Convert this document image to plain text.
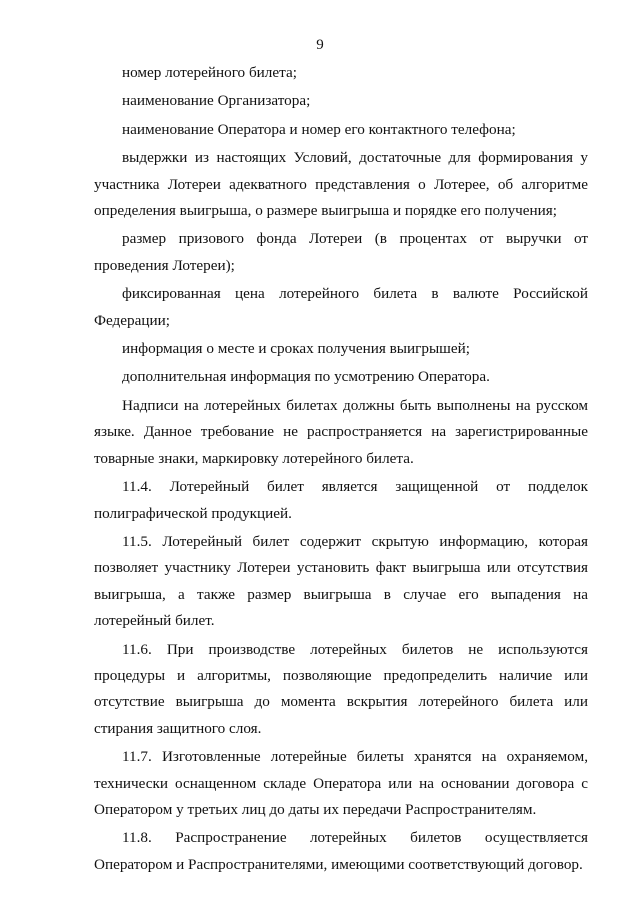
9

номер лотерейного билета;

наименование Организатора;

наименование Оператора и номер его контактного телефона;

выдержки из настоящих Условий, достаточные для формирования у участника Лотереи адекватного представления о Лотерее, об алгоритме определения выигрыша, о размере выигрыша и порядке его получения;

размер призового фонда Лотереи (в процентах от выручки от проведения Лотереи);

фиксированная цена лотерейного билета в валюте Российской Федерации;

информация о месте и сроках получения выигрышей;

дополнительная информация по усмотрению Оператора.

Надписи на лотерейных билетах должны быть выполнены на русском языке. Данное требование не распространяется на зарегистрированные товарные знаки, маркировку лотерейного билета.

11.4. Лотерейный билет является защищенной от подделок полиграфической продукцией.

11.5. Лотерейный билет содержит скрытую информацию, которая позволяет участнику Лотереи установить факт выигрыша или отсутствия выигрыша, а также размер выигрыша в случае его выпадения на лотерейный билет.

11.6. При производстве лотерейных билетов не используются процедуры и алгоритмы, позволяющие предопределить наличие или отсутствие выигрыша до момента вскрытия лотерейного билета или стирания защитного слоя.

11.7. Изготовленные лотерейные билеты хранятся на охраняемом, технически оснащенном складе Оператора или на основании договора с Оператором у третьих лиц до даты их передачи Распространителям.

11.8. Распространение лотерейных билетов осуществляется Оператором и Распространителями, имеющими соответствующий договор.
